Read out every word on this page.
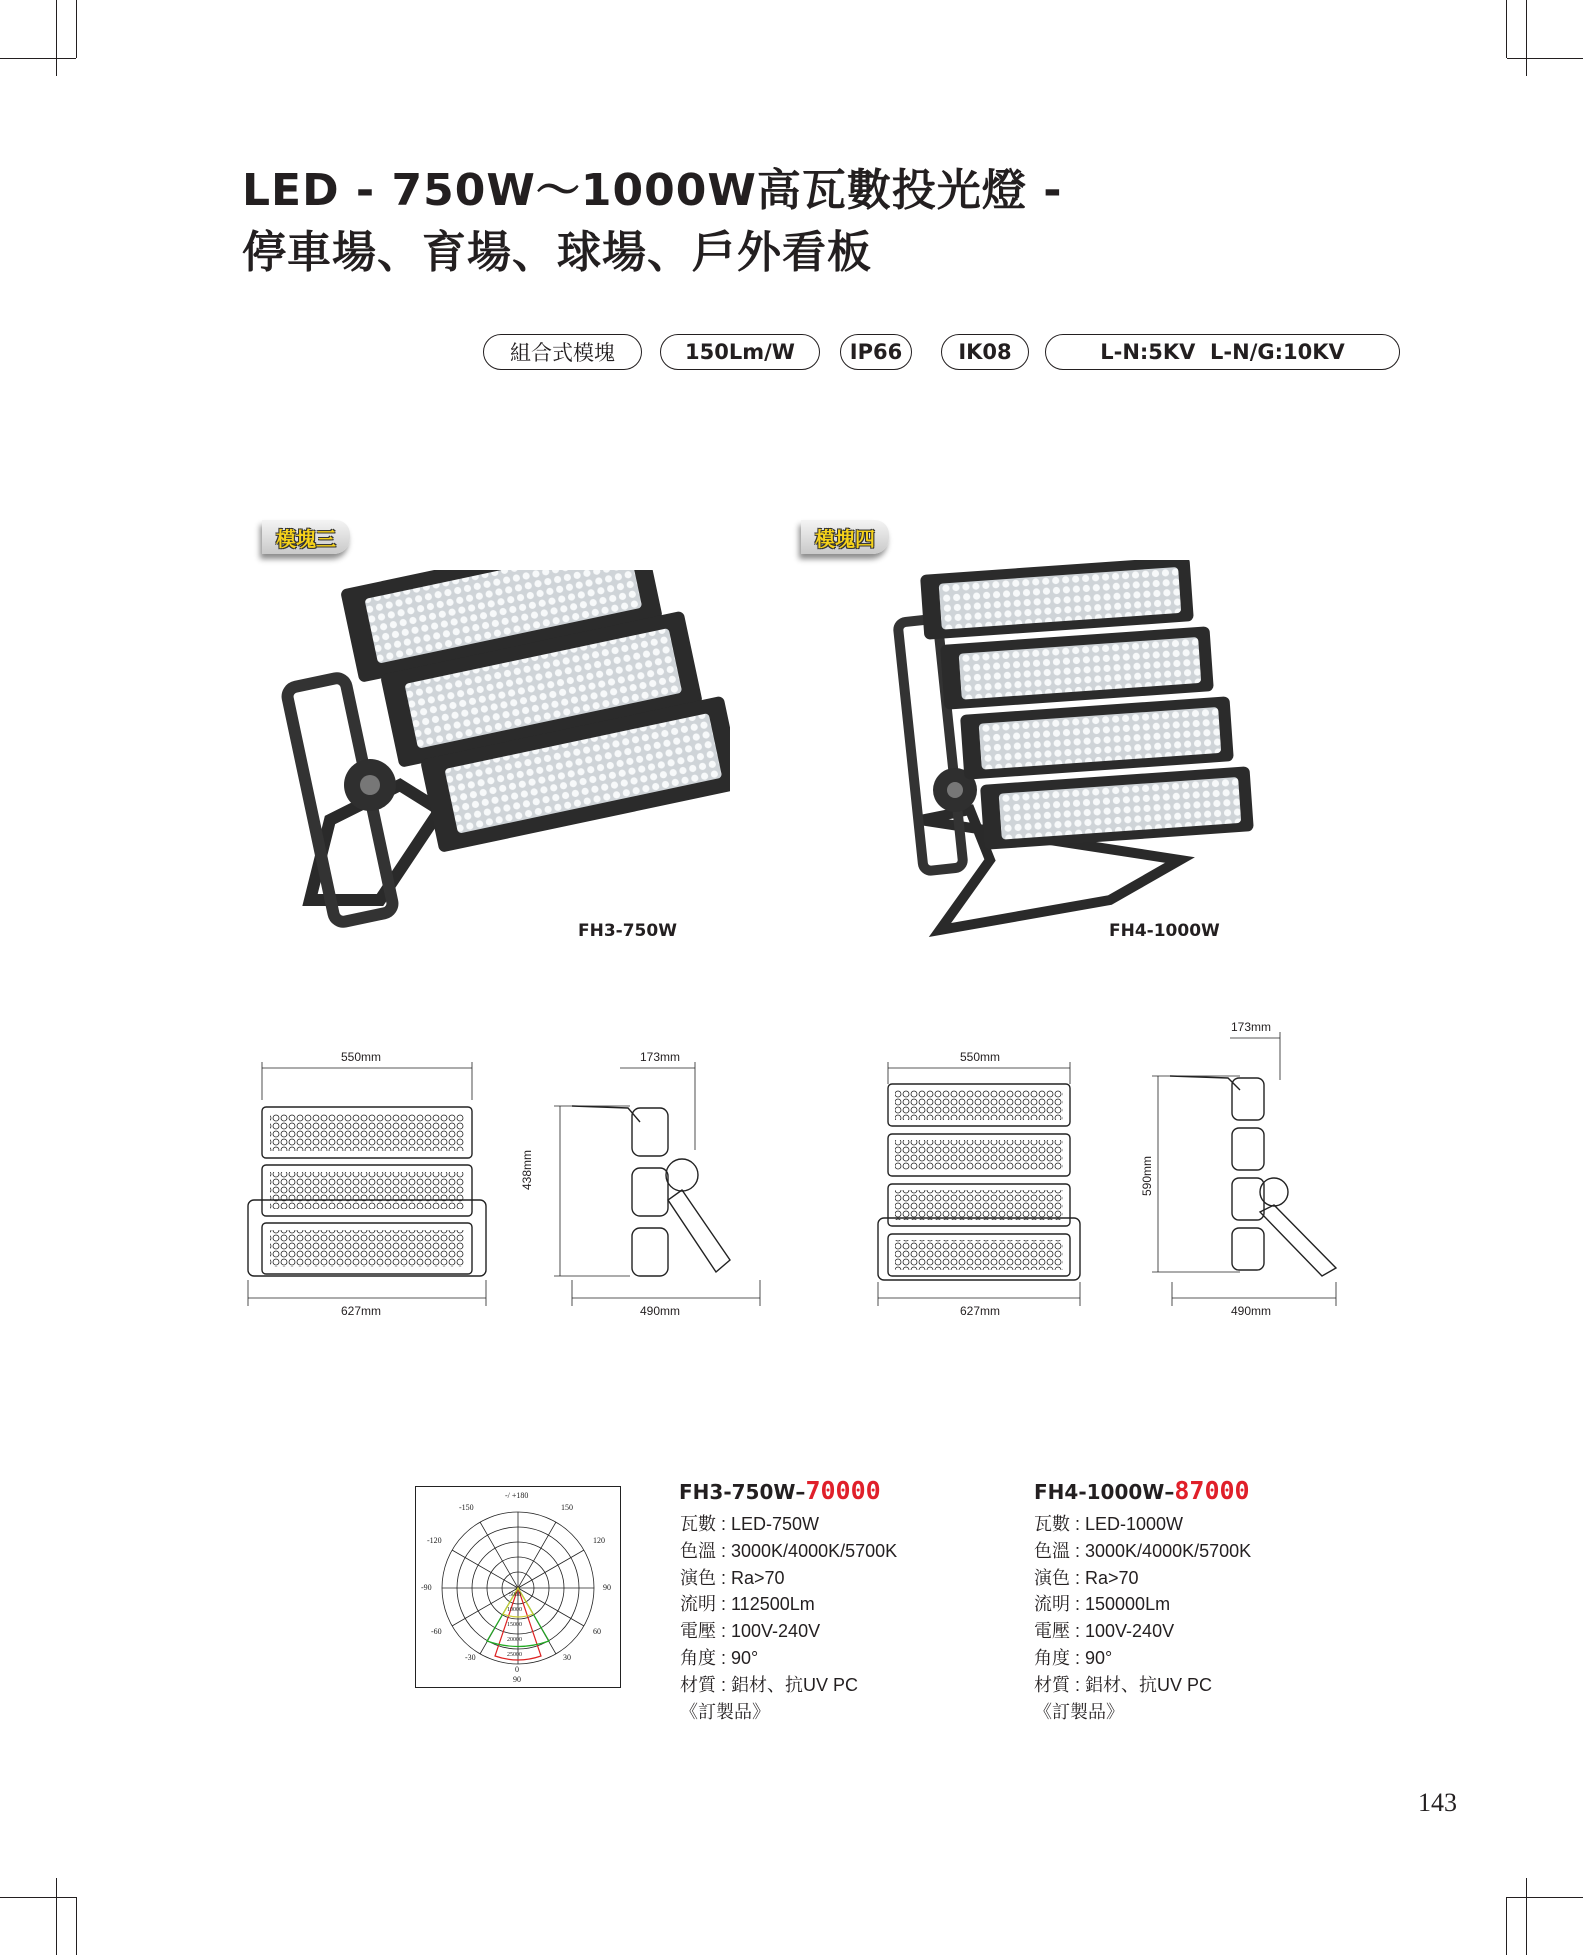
LED - 750W～1000W高瓦數投光燈 -
停車場、育場、球場、戶外看板
組合式模塊	150Lm/W	IP66	IK08	L-N:5KV  L-N/G:10KV
模塊三	模塊四
FH3-750W	FH4-1000W
550mm
627mm
173mm
438mm
490mm
550mm
627mm
173mm
590mm
490mm
-/ +180
-150	150
-120	120
-90	90
-60	60
-30	30
0
90
5000
10000
15000
20000
25000
FH3-750W–70000
瓦數 : LED-750W
色溫 : 3000K/4000K/5700K
演色 : Ra>70
流明 : 112500Lm
電壓 : 100V-240V
角度 : 90°
材質 : 鋁材、抗UV PC
《訂製品》
FH4-1000W–87000
瓦數 : LED-1000W
色溫 : 3000K/4000K/5700K
演色 : Ra>70
流明 : 150000Lm
電壓 : 100V-240V
角度 : 90°
材質 : 鋁材、抗UV PC
《訂製品》
143
